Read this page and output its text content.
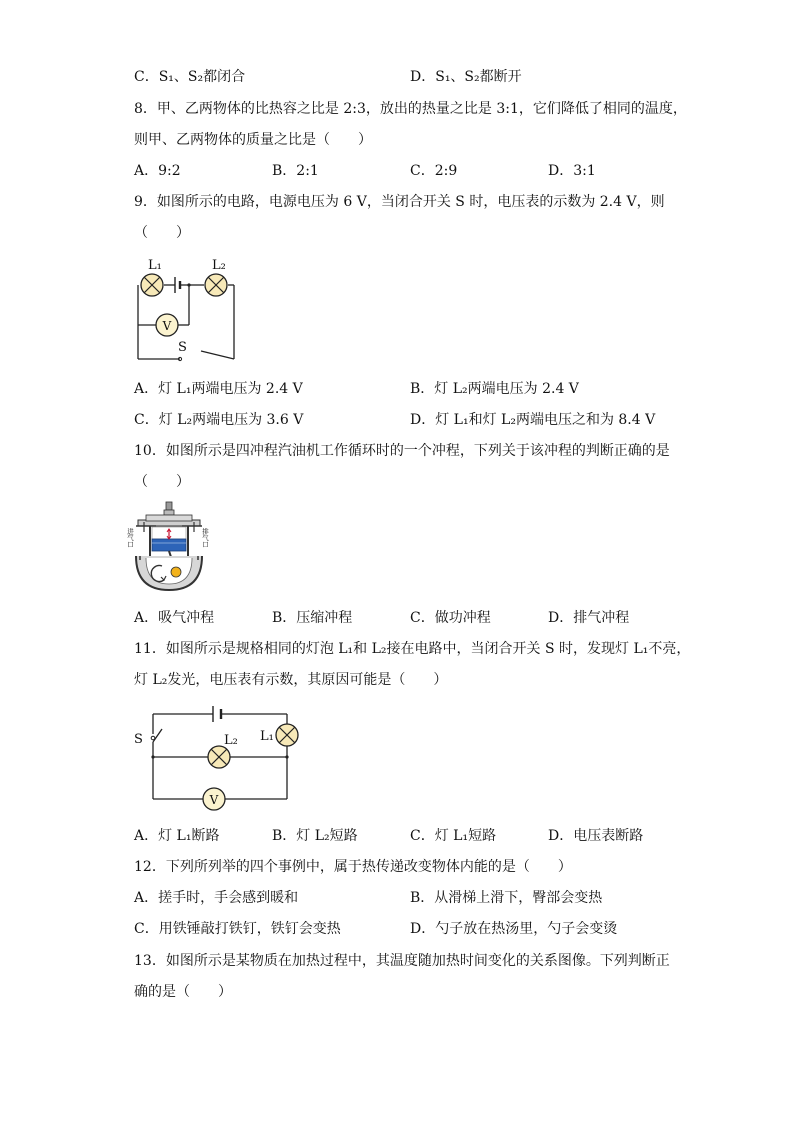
C．S₁、S₂都闭合	D．S₁、S₂都断开
8．甲、乙两物体的比热容之比是 2:3，放出的热量之比是 3:1，它们降低了相同的温度，
则甲、乙两物体的质量之比是（　　）
A．9:2	B．2:1	C．2:9	D．3:1
9．如图所示的电路，电源电压为 6 V，当闭合开关 S 时，电压表的示数为 2.4 V，则
（　　）
V
L₁	L₂
S
A．灯 L₁两端电压为 2.4 V	B．灯 L₂两端电压为 2.4 V
C．灯 L₂两端电压为 3.6 V	D．灯 L₁和灯 L₂两端电压之和为 8.4 V
10．如图所示是四冲程汽油机工作循环时的一个冲程，下列关于该冲程的判断正确的是
（　　）
进气口	排气口
A．吸气冲程	B．压缩冲程	C．做功冲程	D．排气冲程
11．如图所示是规格相同的灯泡 L₁和 L₂接在电路中，当闭合开关 S 时，发现灯 L₁不亮，
灯 L₂发光，电压表有示数，其原因可能是（　　）
V
S	L₁
L₂
A．灯 L₁断路	B．灯 L₂短路	C．灯 L₁短路	D．电压表断路
12．下列所列举的四个事例中，属于热传递改变物体内能的是（　　）
A．搓手时，手会感到暖和	B．从滑梯上滑下，臀部会变热
C．用铁锤敲打铁钉，铁钉会变热	D．勺子放在热汤里，勺子会变烫
13．如图所示是某物质在加热过程中，其温度随加热时间变化的关系图像。下列判断正
确的是（　　）
